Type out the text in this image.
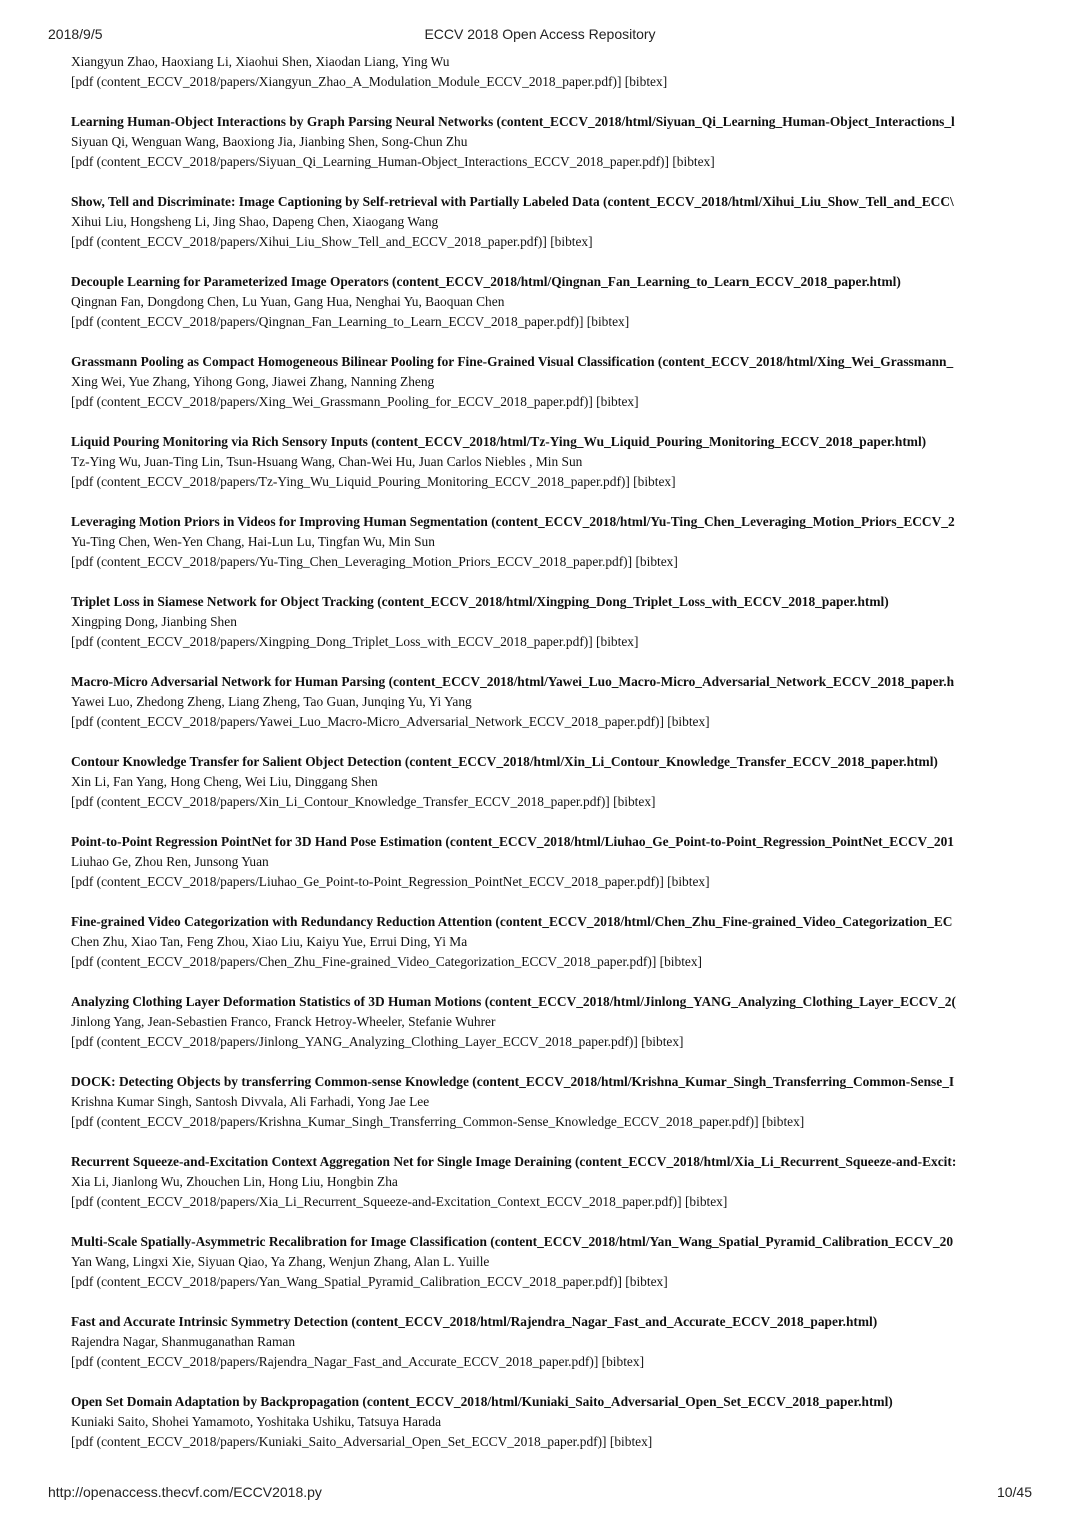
2018/9/5	ECCV 2018 Open Access Repository
Xiangyun Zhao, Haoxiang Li, Xiaohui Shen, Xiaodan Liang, Ying Wu
[pdf (content_ECCV_2018/papers/Xiangyun_Zhao_A_Modulation_Module_ECCV_2018_paper.pdf)] [bibtex]
Learning Human-Object Interactions by Graph Parsing Neural Networks (content_ECCV_2018/html/Siyuan_Qi_Learning_Human-Object_Interactions_l
Siyuan Qi, Wenguan Wang, Baoxiong Jia, Jianbing Shen, Song-Chun Zhu
[pdf (content_ECCV_2018/papers/Siyuan_Qi_Learning_Human-Object_Interactions_ECCV_2018_paper.pdf)] [bibtex]
Show, Tell and Discriminate: Image Captioning by Self-retrieval with Partially Labeled Data (content_ECCV_2018/html/Xihui_Liu_Show_Tell_and_ECC\
Xihui Liu, Hongsheng Li, Jing Shao, Dapeng Chen, Xiaogang Wang
[pdf (content_ECCV_2018/papers/Xihui_Liu_Show_Tell_and_ECCV_2018_paper.pdf)] [bibtex]
Decouple Learning for Parameterized Image Operators (content_ECCV_2018/html/Qingnan_Fan_Learning_to_Learn_ECCV_2018_paper.html)
Qingnan Fan, Dongdong Chen, Lu Yuan, Gang Hua, Nenghai Yu, Baoquan Chen
[pdf (content_ECCV_2018/papers/Qingnan_Fan_Learning_to_Learn_ECCV_2018_paper.pdf)] [bibtex]
Grassmann Pooling as Compact Homogeneous Bilinear Pooling for Fine-Grained Visual Classification (content_ECCV_2018/html/Xing_Wei_Grassmann_
Xing Wei, Yue Zhang, Yihong Gong, Jiawei Zhang, Nanning Zheng
[pdf (content_ECCV_2018/papers/Xing_Wei_Grassmann_Pooling_for_ECCV_2018_paper.pdf)] [bibtex]
Liquid Pouring Monitoring via Rich Sensory Inputs (content_ECCV_2018/html/Tz-Ying_Wu_Liquid_Pouring_Monitoring_ECCV_2018_paper.html)
Tz-Ying Wu, Juan-Ting Lin, Tsun-Hsuang Wang, Chan-Wei Hu, Juan Carlos Niebles , Min Sun
[pdf (content_ECCV_2018/papers/Tz-Ying_Wu_Liquid_Pouring_Monitoring_ECCV_2018_paper.pdf)] [bibtex]
Leveraging Motion Priors in Videos for Improving Human Segmentation (content_ECCV_2018/html/Yu-Ting_Chen_Leveraging_Motion_Priors_ECCV_2
Yu-Ting Chen, Wen-Yen Chang, Hai-Lun Lu, Tingfan Wu, Min Sun
[pdf (content_ECCV_2018/papers/Yu-Ting_Chen_Leveraging_Motion_Priors_ECCV_2018_paper.pdf)] [bibtex]
Triplet Loss in Siamese Network for Object Tracking (content_ECCV_2018/html/Xingping_Dong_Triplet_Loss_with_ECCV_2018_paper.html)
Xingping Dong, Jianbing Shen
[pdf (content_ECCV_2018/papers/Xingping_Dong_Triplet_Loss_with_ECCV_2018_paper.pdf)] [bibtex]
Macro-Micro Adversarial Network for Human Parsing (content_ECCV_2018/html/Yawei_Luo_Macro-Micro_Adversarial_Network_ECCV_2018_paper.h
Yawei Luo, Zhedong Zheng, Liang Zheng, Tao Guan, Junqing Yu, Yi Yang
[pdf (content_ECCV_2018/papers/Yawei_Luo_Macro-Micro_Adversarial_Network_ECCV_2018_paper.pdf)] [bibtex]
Contour Knowledge Transfer for Salient Object Detection (content_ECCV_2018/html/Xin_Li_Contour_Knowledge_Transfer_ECCV_2018_paper.html)
Xin Li, Fan Yang, Hong Cheng, Wei Liu, Dinggang Shen
[pdf (content_ECCV_2018/papers/Xin_Li_Contour_Knowledge_Transfer_ECCV_2018_paper.pdf)] [bibtex]
Point-to-Point Regression PointNet for 3D Hand Pose Estimation (content_ECCV_2018/html/Liuhao_Ge_Point-to-Point_Regression_PointNet_ECCV_201
Liuhao Ge, Zhou Ren, Junsong Yuan
[pdf (content_ECCV_2018/papers/Liuhao_Ge_Point-to-Point_Regression_PointNet_ECCV_2018_paper.pdf)] [bibtex]
Fine-grained Video Categorization with Redundancy Reduction Attention (content_ECCV_2018/html/Chen_Zhu_Fine-grained_Video_Categorization_EC
Chen Zhu, Xiao Tan, Feng Zhou, Xiao Liu, Kaiyu Yue, Errui Ding, Yi Ma
[pdf (content_ECCV_2018/papers/Chen_Zhu_Fine-grained_Video_Categorization_ECCV_2018_paper.pdf)] [bibtex]
Analyzing Clothing Layer Deformation Statistics of 3D Human Motions (content_ECCV_2018/html/Jinlong_YANG_Analyzing_Clothing_Layer_ECCV_2(
Jinlong Yang, Jean-Sebastien Franco, Franck Hetroy-Wheeler, Stefanie Wuhrer
[pdf (content_ECCV_2018/papers/Jinlong_YANG_Analyzing_Clothing_Layer_ECCV_2018_paper.pdf)] [bibtex]
DOCK: Detecting Objects by transferring Common-sense Knowledge (content_ECCV_2018/html/Krishna_Kumar_Singh_Transferring_Common-Sense_I
Krishna Kumar Singh, Santosh Divvala, Ali Farhadi, Yong Jae Lee
[pdf (content_ECCV_2018/papers/Krishna_Kumar_Singh_Transferring_Common-Sense_Knowledge_ECCV_2018_paper.pdf)] [bibtex]
Recurrent Squeeze-and-Excitation Context Aggregation Net for Single Image Deraining (content_ECCV_2018/html/Xia_Li_Recurrent_Squeeze-and-Excit:
Xia Li, Jianlong Wu, Zhouchen Lin, Hong Liu, Hongbin Zha
[pdf (content_ECCV_2018/papers/Xia_Li_Recurrent_Squeeze-and-Excitation_Context_ECCV_2018_paper.pdf)] [bibtex]
Multi-Scale Spatially-Asymmetric Recalibration for Image Classification (content_ECCV_2018/html/Yan_Wang_Spatial_Pyramid_Calibration_ECCV_20
Yan Wang, Lingxi Xie, Siyuan Qiao, Ya Zhang, Wenjun Zhang, Alan L. Yuille
[pdf (content_ECCV_2018/papers/Yan_Wang_Spatial_Pyramid_Calibration_ECCV_2018_paper.pdf)] [bibtex]
Fast and Accurate Intrinsic Symmetry Detection (content_ECCV_2018/html/Rajendra_Nagar_Fast_and_Accurate_ECCV_2018_paper.html)
Rajendra Nagar, Shanmuganathan Raman
[pdf (content_ECCV_2018/papers/Rajendra_Nagar_Fast_and_Accurate_ECCV_2018_paper.pdf)] [bibtex]
Open Set Domain Adaptation by Backpropagation (content_ECCV_2018/html/Kuniaki_Saito_Adversarial_Open_Set_ECCV_2018_paper.html)
Kuniaki Saito, Shohei Yamamoto, Yoshitaka Ushiku, Tatsuya Harada
[pdf (content_ECCV_2018/papers/Kuniaki_Saito_Adversarial_Open_Set_ECCV_2018_paper.pdf)] [bibtex]
http://openaccess.thecvf.com/ECCV2018.py	10/45
